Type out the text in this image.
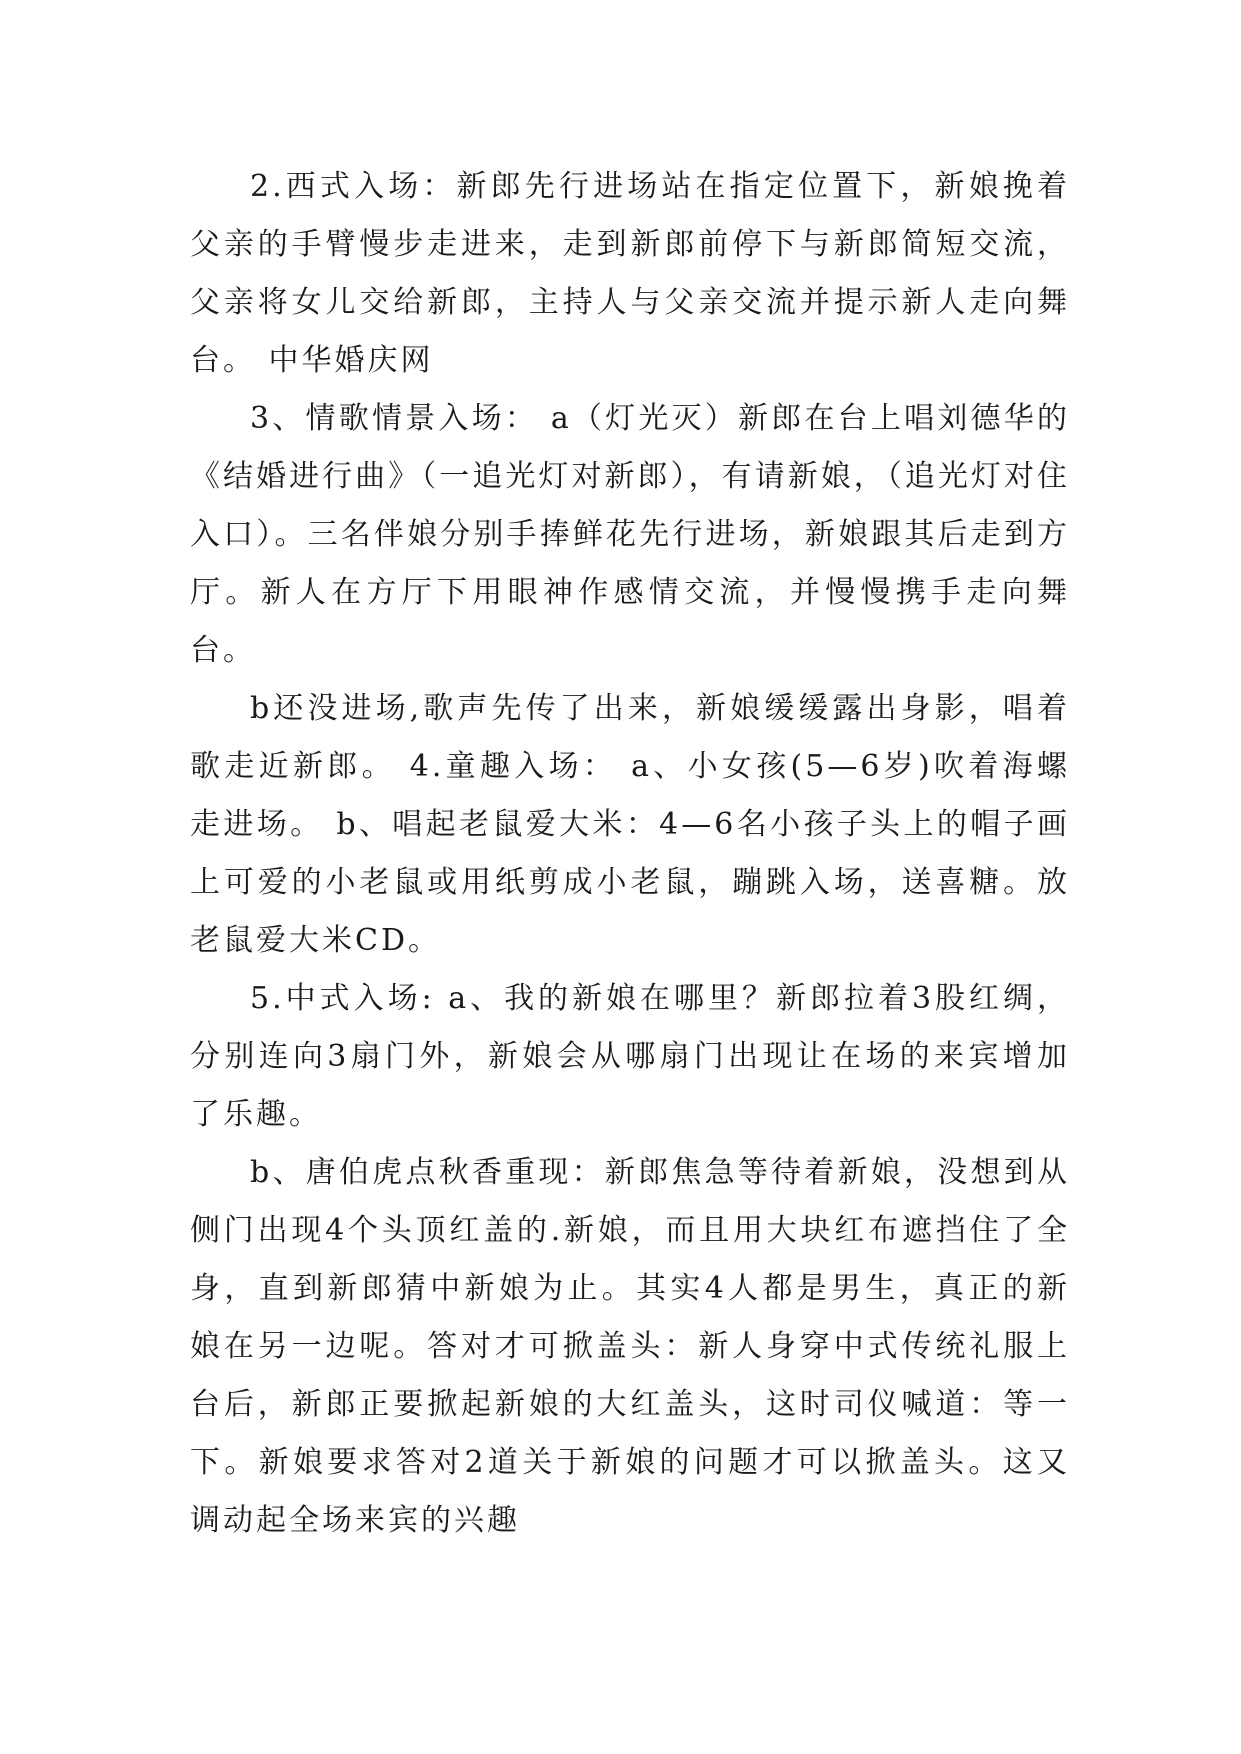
2.西式入场：新郎先行进场站在指定位置下，新娘挽着父亲的手臂慢步走进来，走到新郎前停下与新郎简短交流，父亲将女儿交给新郎，主持人与父亲交流并提示新人走向舞台。 中华婚庆网

3、情歌情景入场： a（灯光灭）新郎在台上唱刘德华的《结婚进行曲》（一追光灯对新郎），有请新娘，（追光灯对住入口）。三名伴娘分别手捧鲜花先行进场，新娘跟其后走到方厅。新人在方厅下用眼神作感情交流，并慢慢携手走向舞台。

b还没进场,歌声先传了出来，新娘缓缓露出身影，唱着歌走近新郎。 4.童趣入场： a、小女孩(5—6岁)吹着海螺走进场。 b、唱起老鼠爱大米：4—6名小孩子头上的帽子画上可爱的小老鼠或用纸剪成小老鼠，蹦跳入场，送喜糖。放老鼠爱大米CD。

5.中式入场: a、我的新娘在哪里？新郎拉着3股红绸，分别连向3扇门外，新娘会从哪扇门出现让在场的来宾增加了乐趣。

b、唐伯虎点秋香重现：新郎焦急等待着新娘，没想到从侧门出现4个头顶红盖的.新娘，而且用大块红布遮挡住了全身，直到新郎猜中新娘为止。其实4人都是男生，真正的新娘在另一边呢。答对才可掀盖头：新人身穿中式传统礼服上台后，新郎正要掀起新娘的大红盖头，这时司仪喊道：等一下。新娘要求答对2道关于新娘的问题才可以掀盖头。这又调动起全场来宾的兴趣
